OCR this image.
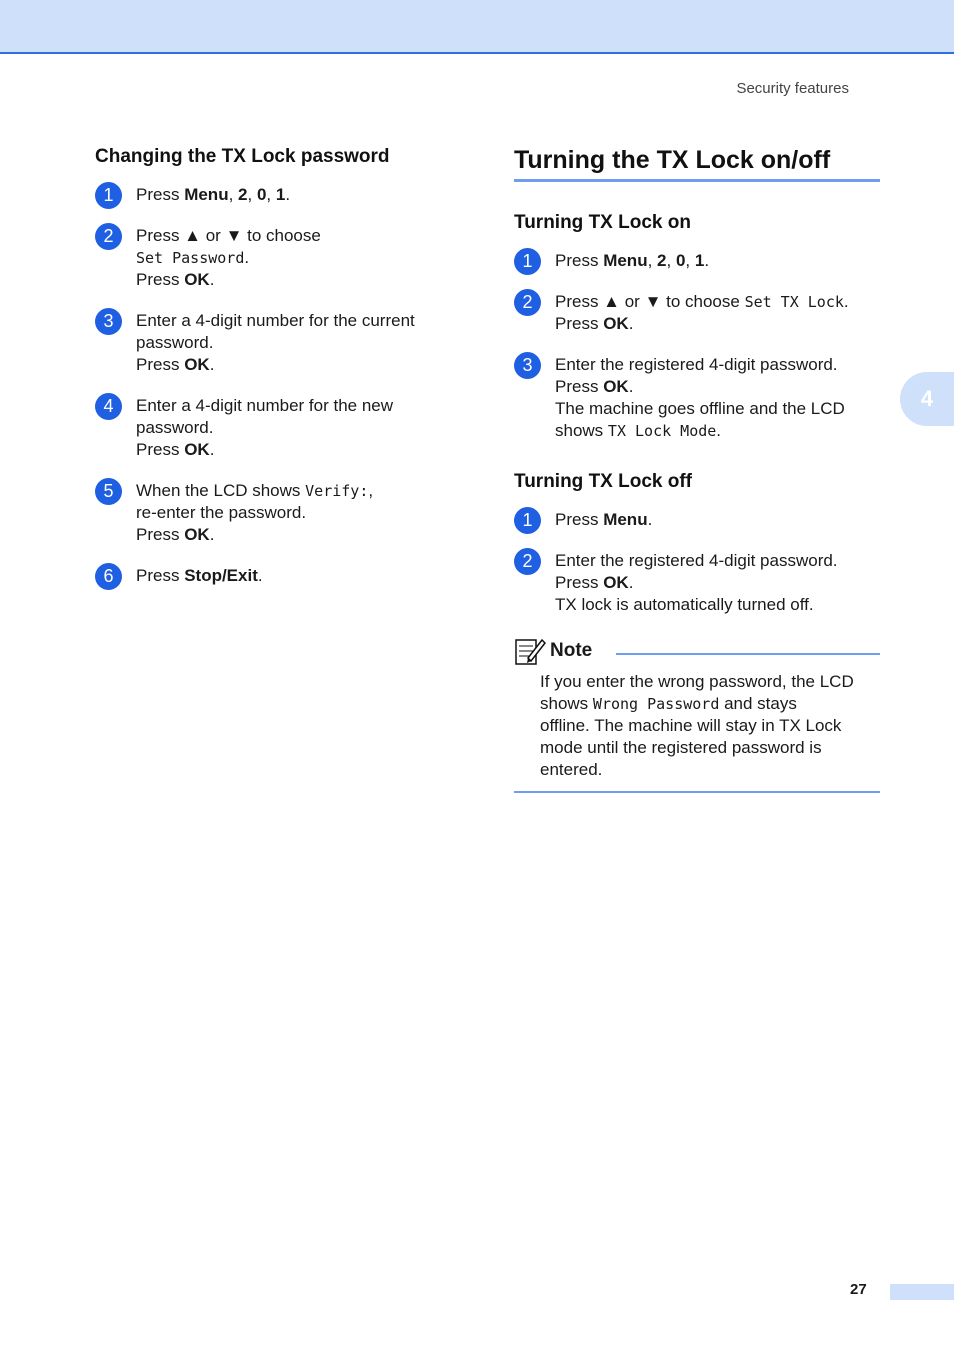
Security features
4
Changing the TX Lock password
1	Press Menu, 2, 0, 1.
2	Press ▲ or ▼ to choose
Set Password.
Press OK.
3	Enter a 4-digit number for the current
password.
Press OK.
4	Enter a 4-digit number for the new
password.
Press OK.
5	When the LCD shows Verify:,
re-enter the password.
Press OK.
6	Press Stop/Exit.
Turning the TX Lock on/off
Turning TX Lock on
1	Press Menu, 2, 0, 1.
2	Press ▲ or ▼ to choose Set TX Lock.
Press OK.
3	Enter the registered 4-digit password.
Press OK.
The machine goes offline and the LCD
shows TX Lock Mode.
Turning TX Lock off
1	Press Menu.
2	Enter the registered 4-digit password.
Press OK.
TX lock is automatically turned off.
Note
If you enter the wrong password, the LCD
shows Wrong Password and stays
offline. The machine will stay in TX Lock
mode until the registered password is
entered.
27
